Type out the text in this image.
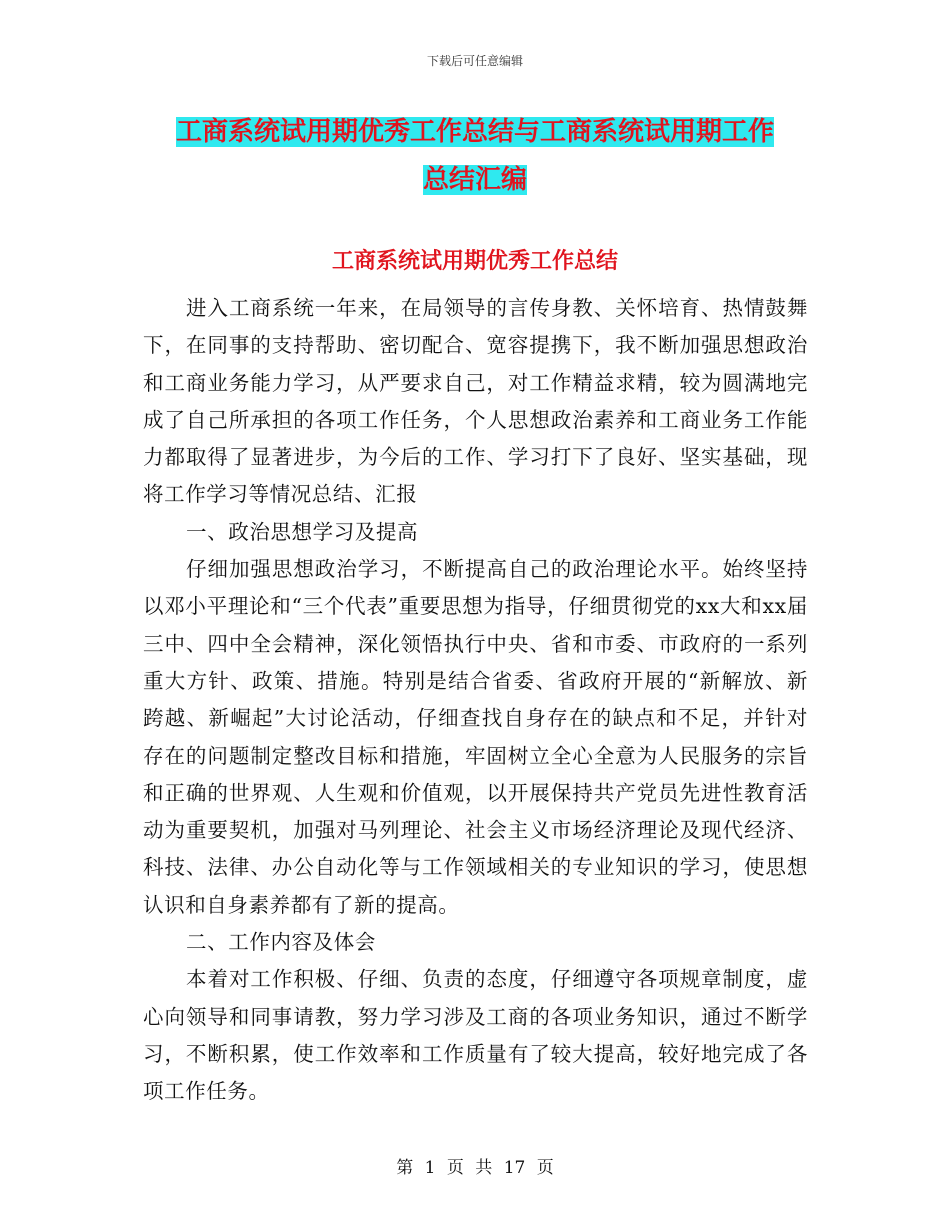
下载后可任意编辑
工商系统试用期优秀工作总结与工商系统试用期工作
总结汇编
工商系统试用期优秀工作总结

进入工商系统一年来，在局领导的言传身教、关怀培育、热情鼓舞下，在同事的支持帮助、密切配合、宽容提携下，我不断加强思想政治和工商业务能力学习，从严要求自己，对工作精益求精，较为圆满地完成了自己所承担的各项工作任务，个人思想政治素养和工商业务工作能力都取得了显著进步，为今后的工作、学习打下了良好、坚实基础，现将工作学习等情况总结、汇报

一、政治思想学习及提高

仔细加强思想政治学习，不断提高自己的政治理论水平。始终坚持以邓小平理论和“三个代表”重要思想为指导，仔细贯彻党的xx大和xx届三中、四中全会精神，深化领悟执行中央、省和市委、市政府的一系列重大方针、政策、措施。特别是结合省委、省政府开展的“新解放、新跨越、新崛起”大讨论活动，仔细查找自身存在的缺点和不足，并针对存在的问题制定整改目标和措施，牢固树立全心全意为人民服务的宗旨和正确的世界观、人生观和价值观，以开展保持共产党员先进性教育活动为重要契机，加强对马列理论、社会主义市场经济理论及现代经济、科技、法律、办公自动化等与工作领域相关的专业知识的学习，使思想认识和自身素养都有了新的提高。

二、工作内容及体会

本着对工作积极、仔细、负责的态度，仔细遵守各项规章制度，虚心向领导和同事请教，努力学习涉及工商的各项业务知识，通过不断学习，不断积累，使工作效率和工作质量有了较大提高，较好地完成了各项工作任务。

第 1 页 共 17 页
